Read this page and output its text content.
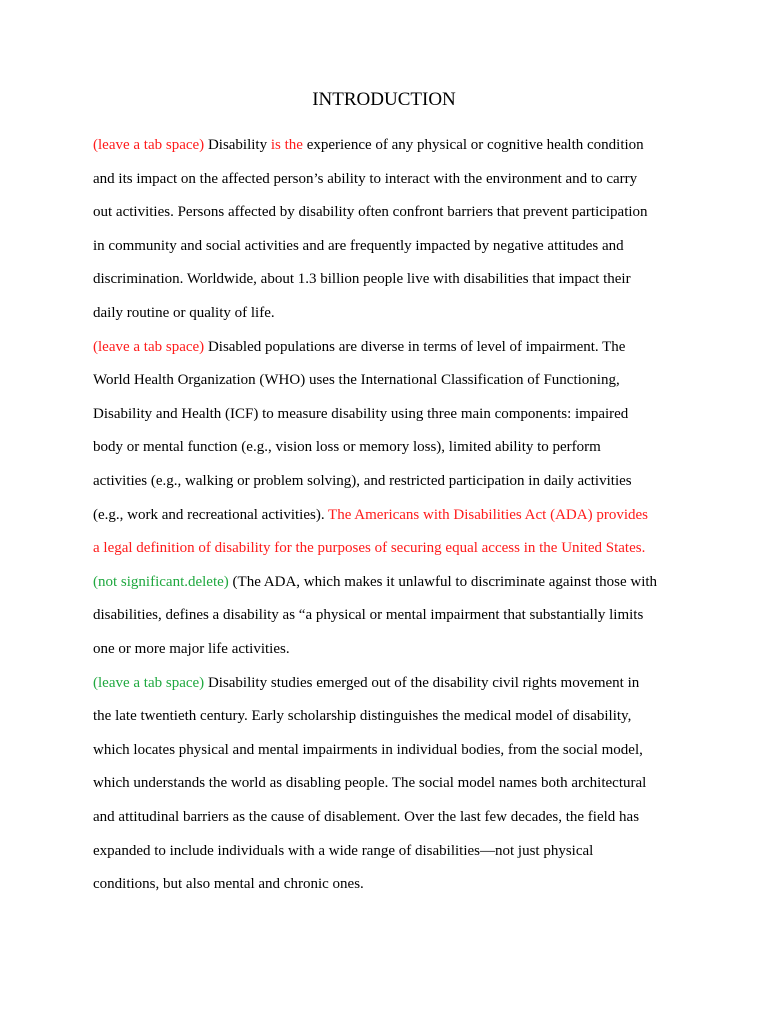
INTRODUCTION
(leave a tab space) Disability is the experience of any physical or cognitive health condition
and its impact on the affected person’s ability to interact with the environment and to carry
out activities. Persons affected by disability often confront barriers that prevent participation
in community and social activities and are frequently impacted by negative attitudes and
discrimination. Worldwide, about 1.3 billion people live with disabilities that impact their
daily routine or quality of life.
(leave a tab space) Disabled populations are diverse in terms of level of impairment. The
World Health Organization (WHO) uses the International Classification of Functioning,
Disability and Health (ICF) to measure disability using three main components: impaired
body or mental function (e.g., vision loss or memory loss), limited ability to perform
activities (e.g., walking or problem solving), and restricted participation in daily activities
(e.g., work and recreational activities). The Americans with Disabilities Act (ADA) provides
a legal definition of disability for the purposes of securing equal access in the United States.
(not significant.delete) (The ADA, which makes it unlawful to discriminate against those with
disabilities, defines a disability as “a physical or mental impairment that substantially limits
one or more major life activities.
(leave a tab space) Disability studies emerged out of the disability civil rights movement in
the late twentieth century. Early scholarship distinguishes the medical model of disability,
which locates physical and mental impairments in individual bodies, from the social model,
which understands the world as disabling people. The social model names both architectural
and attitudinal barriers as the cause of disablement. Over the last few decades, the field has
expanded to include individuals with a wide range of disabilities—not just physical
conditions, but also mental and chronic ones.
